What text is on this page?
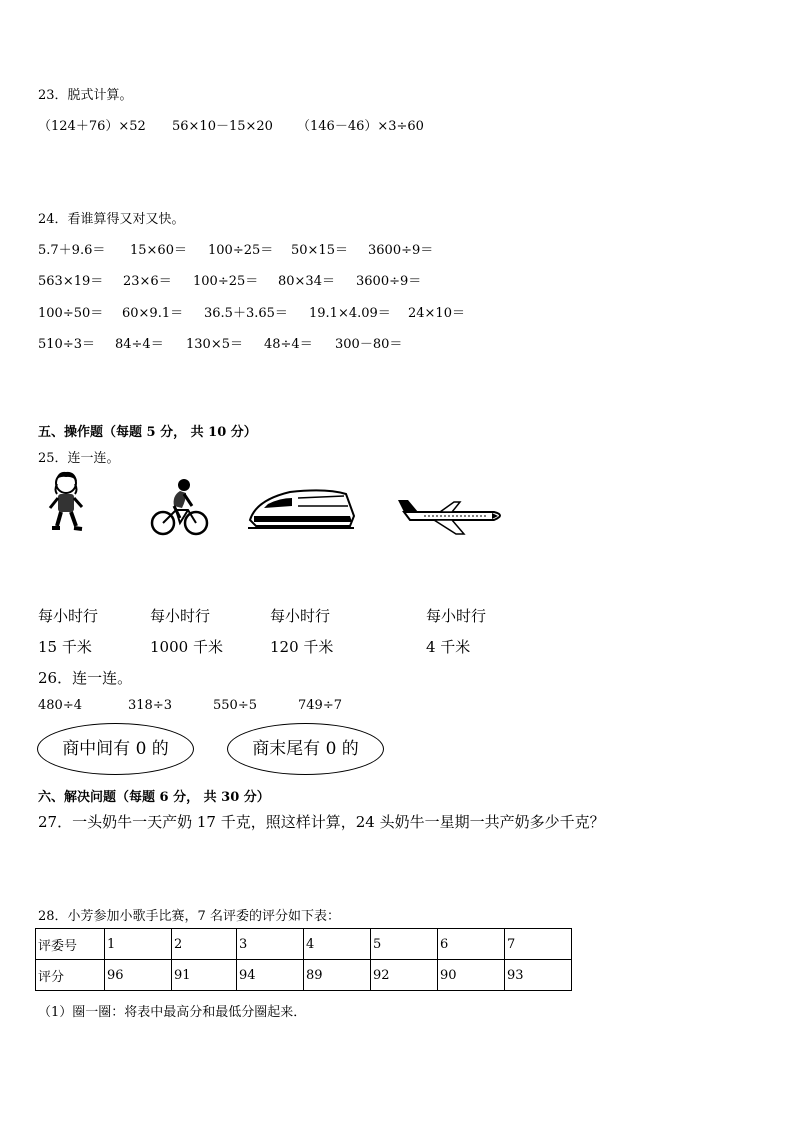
23．脱式计算。
（124＋76）×52 56×10－15×20 （146－46）×3÷60
24．看谁算得又对又快。
5.7＋9.6＝ 15×60＝ 100÷25＝ 50×15＝ 3600÷9＝
563×19＝ 23×6＝ 100÷25＝ 80×34＝ 3600÷9＝
100÷50＝ 60×9.1＝ 36.5＋3.65＝ 19.1×4.09＝ 24×10＝
510÷3＝ 84÷4＝ 130×5＝ 48÷4＝ 300－80＝
五、操作题（每题 5 分， 共 10 分）
25．连一连。
每小时行	每小时行	每小时行	每小时行
15 千米	1000 千米	120 千米	4 千米
26．连一连。
480÷4	318÷3	550÷5	749÷7
商中间有 0 的	商末尾有 0 的
六、解决问题（每题 6 分， 共 30 分）
27．一头奶牛一天产奶 17 千克，照这样计算，24 头奶牛一星期一共产奶多少千克？
28．小芳参加小歌手比赛，7 名评委的评分如下表：
评委号	1	2	3	4	5	6	7
评分	96	91	94	89	92	90	93
（1）圈一圈：将表中最高分和最低分圈起来．
